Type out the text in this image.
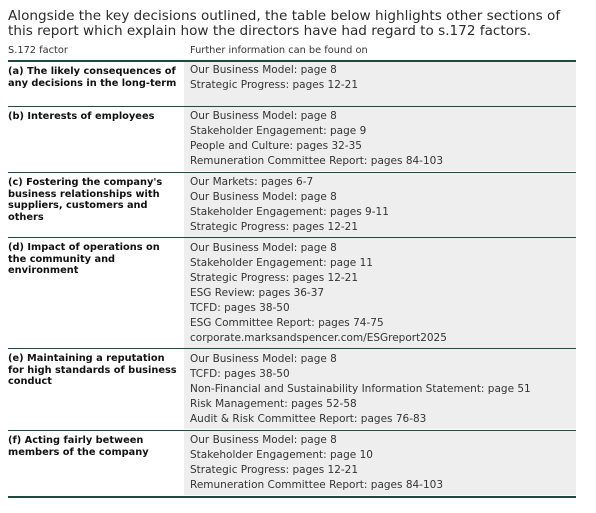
Alongside the key decisions outlined, the table below highlights other sections of this report which explain how the directors have had regard to s.172 factors.

S.172 factor	Further information can be found on
(a) The likely consequences of any decisions in the long-term
Our Business Model: page 8
Strategic Progress: pages 12-21
(b) Interests of employees	Our Business Model: page 8
Stakeholder Engagement: page 9
People and Culture: pages 32-35
Remuneration Committee Report: pages 84-103
(c) Fostering the company's business relationships with suppliers, customers and others
Our Markets: pages 6-7
Our Business Model: page 8
Stakeholder Engagement: pages 9-11
Strategic Progress: pages 12-21
(d) Impact of operations on the community and environment
Our Business Model: page 8
Stakeholder Engagement: page 11
Strategic Progress: pages 12-21
ESG Review: pages 36-37
TCFD: pages 38-50
ESG Committee Report: pages 74-75
corporate.marksandspencer.com/ESGreport2025
(e) Maintaining a reputation for high standards of business conduct
Our Business Model: page 8
TCFD: pages 38-50
Non-Financial and Sustainability Information Statement: page 51
Risk Management: pages 52-58
Audit & Risk Committee Report: pages 76-83
(f) Acting fairly between members of the company
Our Business Model: page 8
Stakeholder Engagement: page 10
Strategic Progress: pages 12-21
Remuneration Committee Report: pages 84-103
